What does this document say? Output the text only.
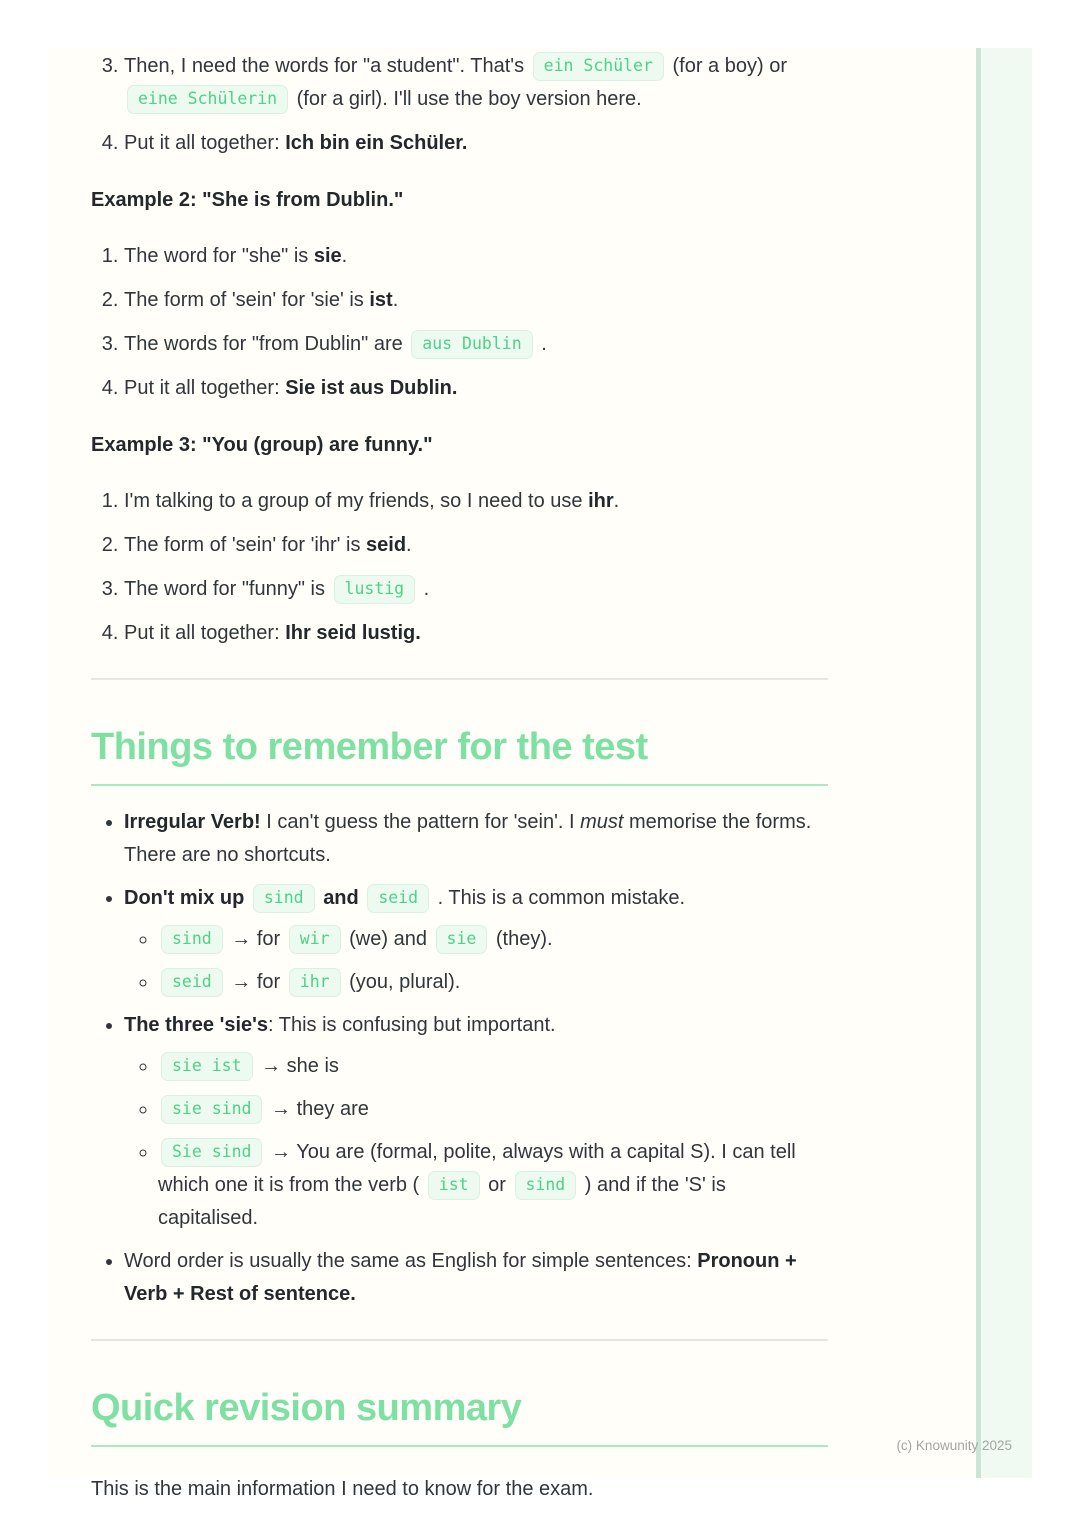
3. Then, I need the words for "a student". That's ein Schüler (for a boy) or eine Schülerin (for a girl). I'll use the boy version here.
4. Put it all together: Ich bin ein Schüler.
Example 2: "She is from Dublin."
1. The word for "she" is sie.
2. The form of 'sein' for 'sie' is ist.
3. The words for "from Dublin" are aus Dublin .
4. Put it all together: Sie ist aus Dublin.
Example 3: "You (group) are funny."
1. I'm talking to a group of my friends, so I need to use ihr.
2. The form of 'sein' for 'ihr' is seid.
3. The word for "funny" is lustig .
4. Put it all together: Ihr seid lustig.
Things to remember for the test
• Irregular Verb! I can't guess the pattern for 'sein'. I must memorise the forms. There are no shortcuts.
• Don't mix up sind and seid . This is a common mistake.
◦ sind → for wir (we) and sie (they).
◦ seid → for ihr (you, plural).
• The three 'sie's: This is confusing but important.
◦ sie ist → she is
◦ sie sind → they are
◦ Sie sind → You are (formal, polite, always with a capital S). I can tell which one it is from the verb ( ist or sind ) and if the 'S' is capitalised.
• Word order is usually the same as English for simple sentences: Pronoun + Verb + Rest of sentence.
Quick revision summary

This is the main information I need to know for the exam.

(c) Knowunity 2025
